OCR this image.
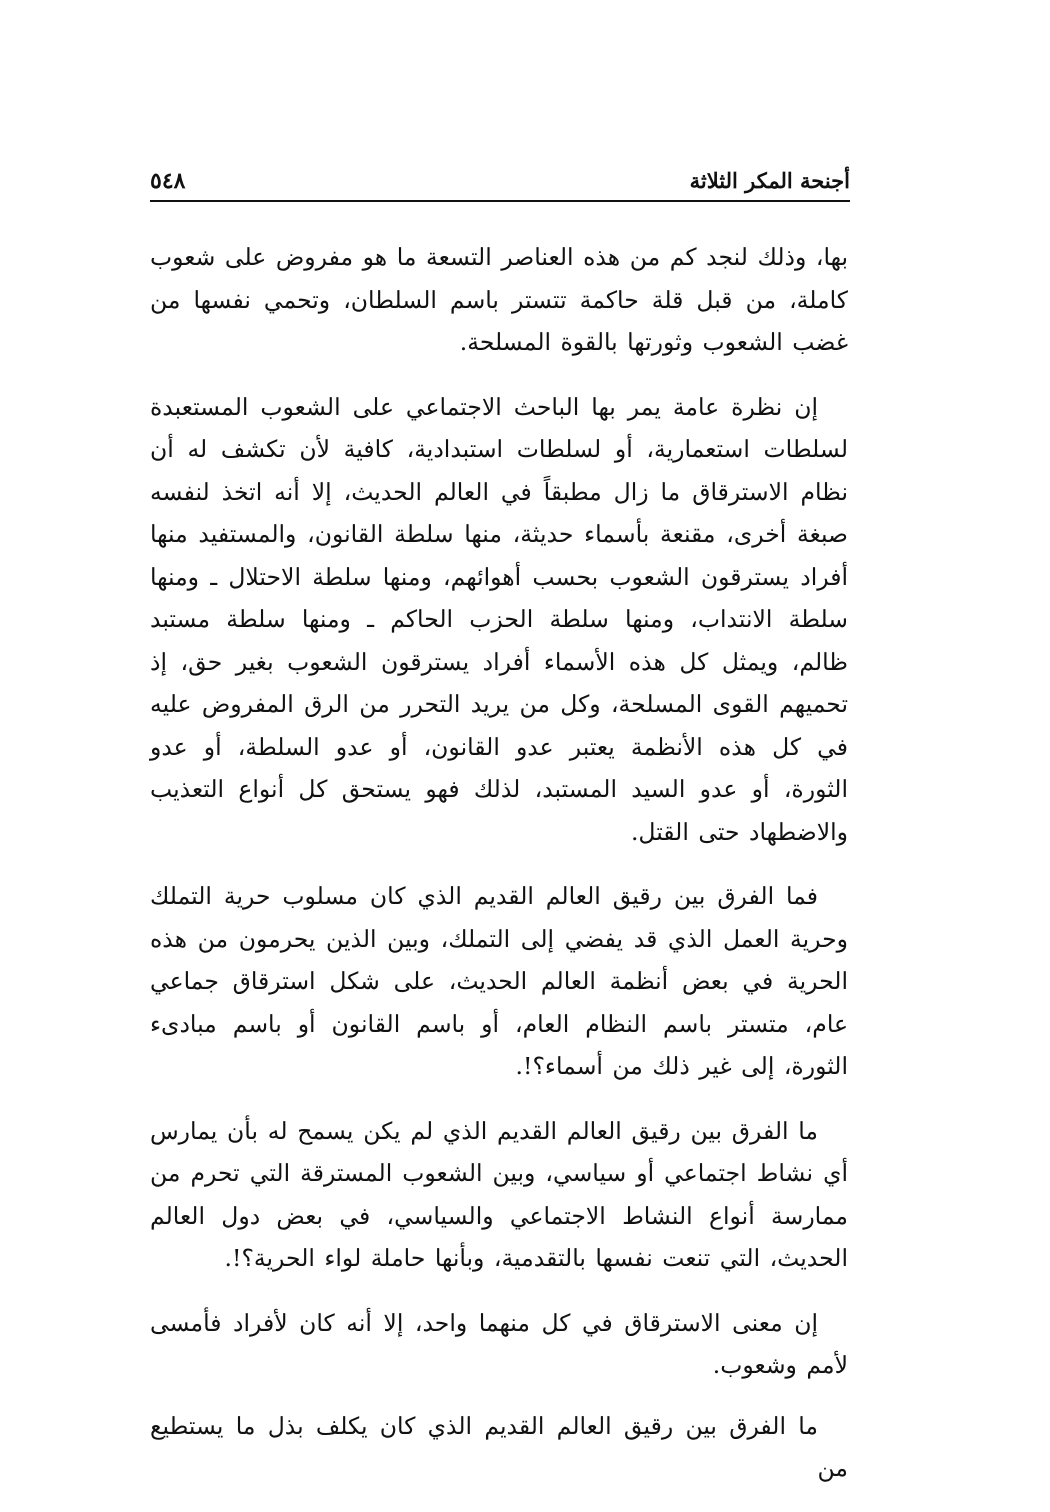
أجنحة المكر الثلاثة
٥٤٨

بها، وذلك لنجد كم من هذه العناصر التسعة ما هو مفروض على شعوب كاملة، من قبل قلة حاكمة تتستر باسم السلطان، وتحمي نفسها من غضب الشعوب وثورتها بالقوة المسلحة.

إن نظرة عامة يمر بها الباحث الاجتماعي على الشعوب المستعبدة لسلطات استعمارية، أو لسلطات استبدادية، كافية لأن تكشف له أن نظام الاسترقاق ما زال مطبقاً في العالم الحديث، إلا أنه اتخذ لنفسه صبغة أخرى، مقنعة بأسماء حديثة، منها سلطة القانون، والمستفيد منها أفراد يسترقون الشعوب بحسب أهوائهم، ومنها سلطة الاحتلال ـ ومنها سلطة الانتداب، ومنها سلطة الحزب الحاكم ـ ومنها سلطة مستبد ظالم، ويمثل كل هذه الأسماء أفراد يسترقون الشعوب بغير حق، إذ تحميهم القوى المسلحة، وكل من يريد التحرر من الرق المفروض عليه في كل هذه الأنظمة يعتبر عدو القانون، أو عدو السلطة، أو عدو الثورة، أو عدو السيد المستبد، لذلك فهو يستحق كل أنواع التعذيب والاضطهاد حتى القتل.

فما الفرق بين رقيق العالم القديم الذي كان مسلوب حرية التملك وحرية العمل الذي قد يفضي إلى التملك، وبين الذين يحرمون من هذه الحرية في بعض أنظمة العالم الحديث، على شكل استرقاق جماعي عام، متستر باسم النظام العام، أو باسم القانون أو باسم مبادىء الثورة، إلى غير ذلك من أسماء؟!.

ما الفرق بين رقيق العالم القديم الذي لم يكن يسمح له بأن يمارس أي نشاط اجتماعي أو سياسي، وبين الشعوب المسترقة التي تحرم من ممارسة أنواع النشاط الاجتماعي والسياسي، في بعض دول العالم الحديث، التي تنعت نفسها بالتقدمية، وبأنها حاملة لواء الحرية؟!.

إن معنى الاسترقاق في كل منهما واحد، إلا أنه كان لأفراد فأمسى لأمم وشعوب.

ما الفرق بين رقيق العالم القديم الذي كان يكلف بذل ما يستطيع من
